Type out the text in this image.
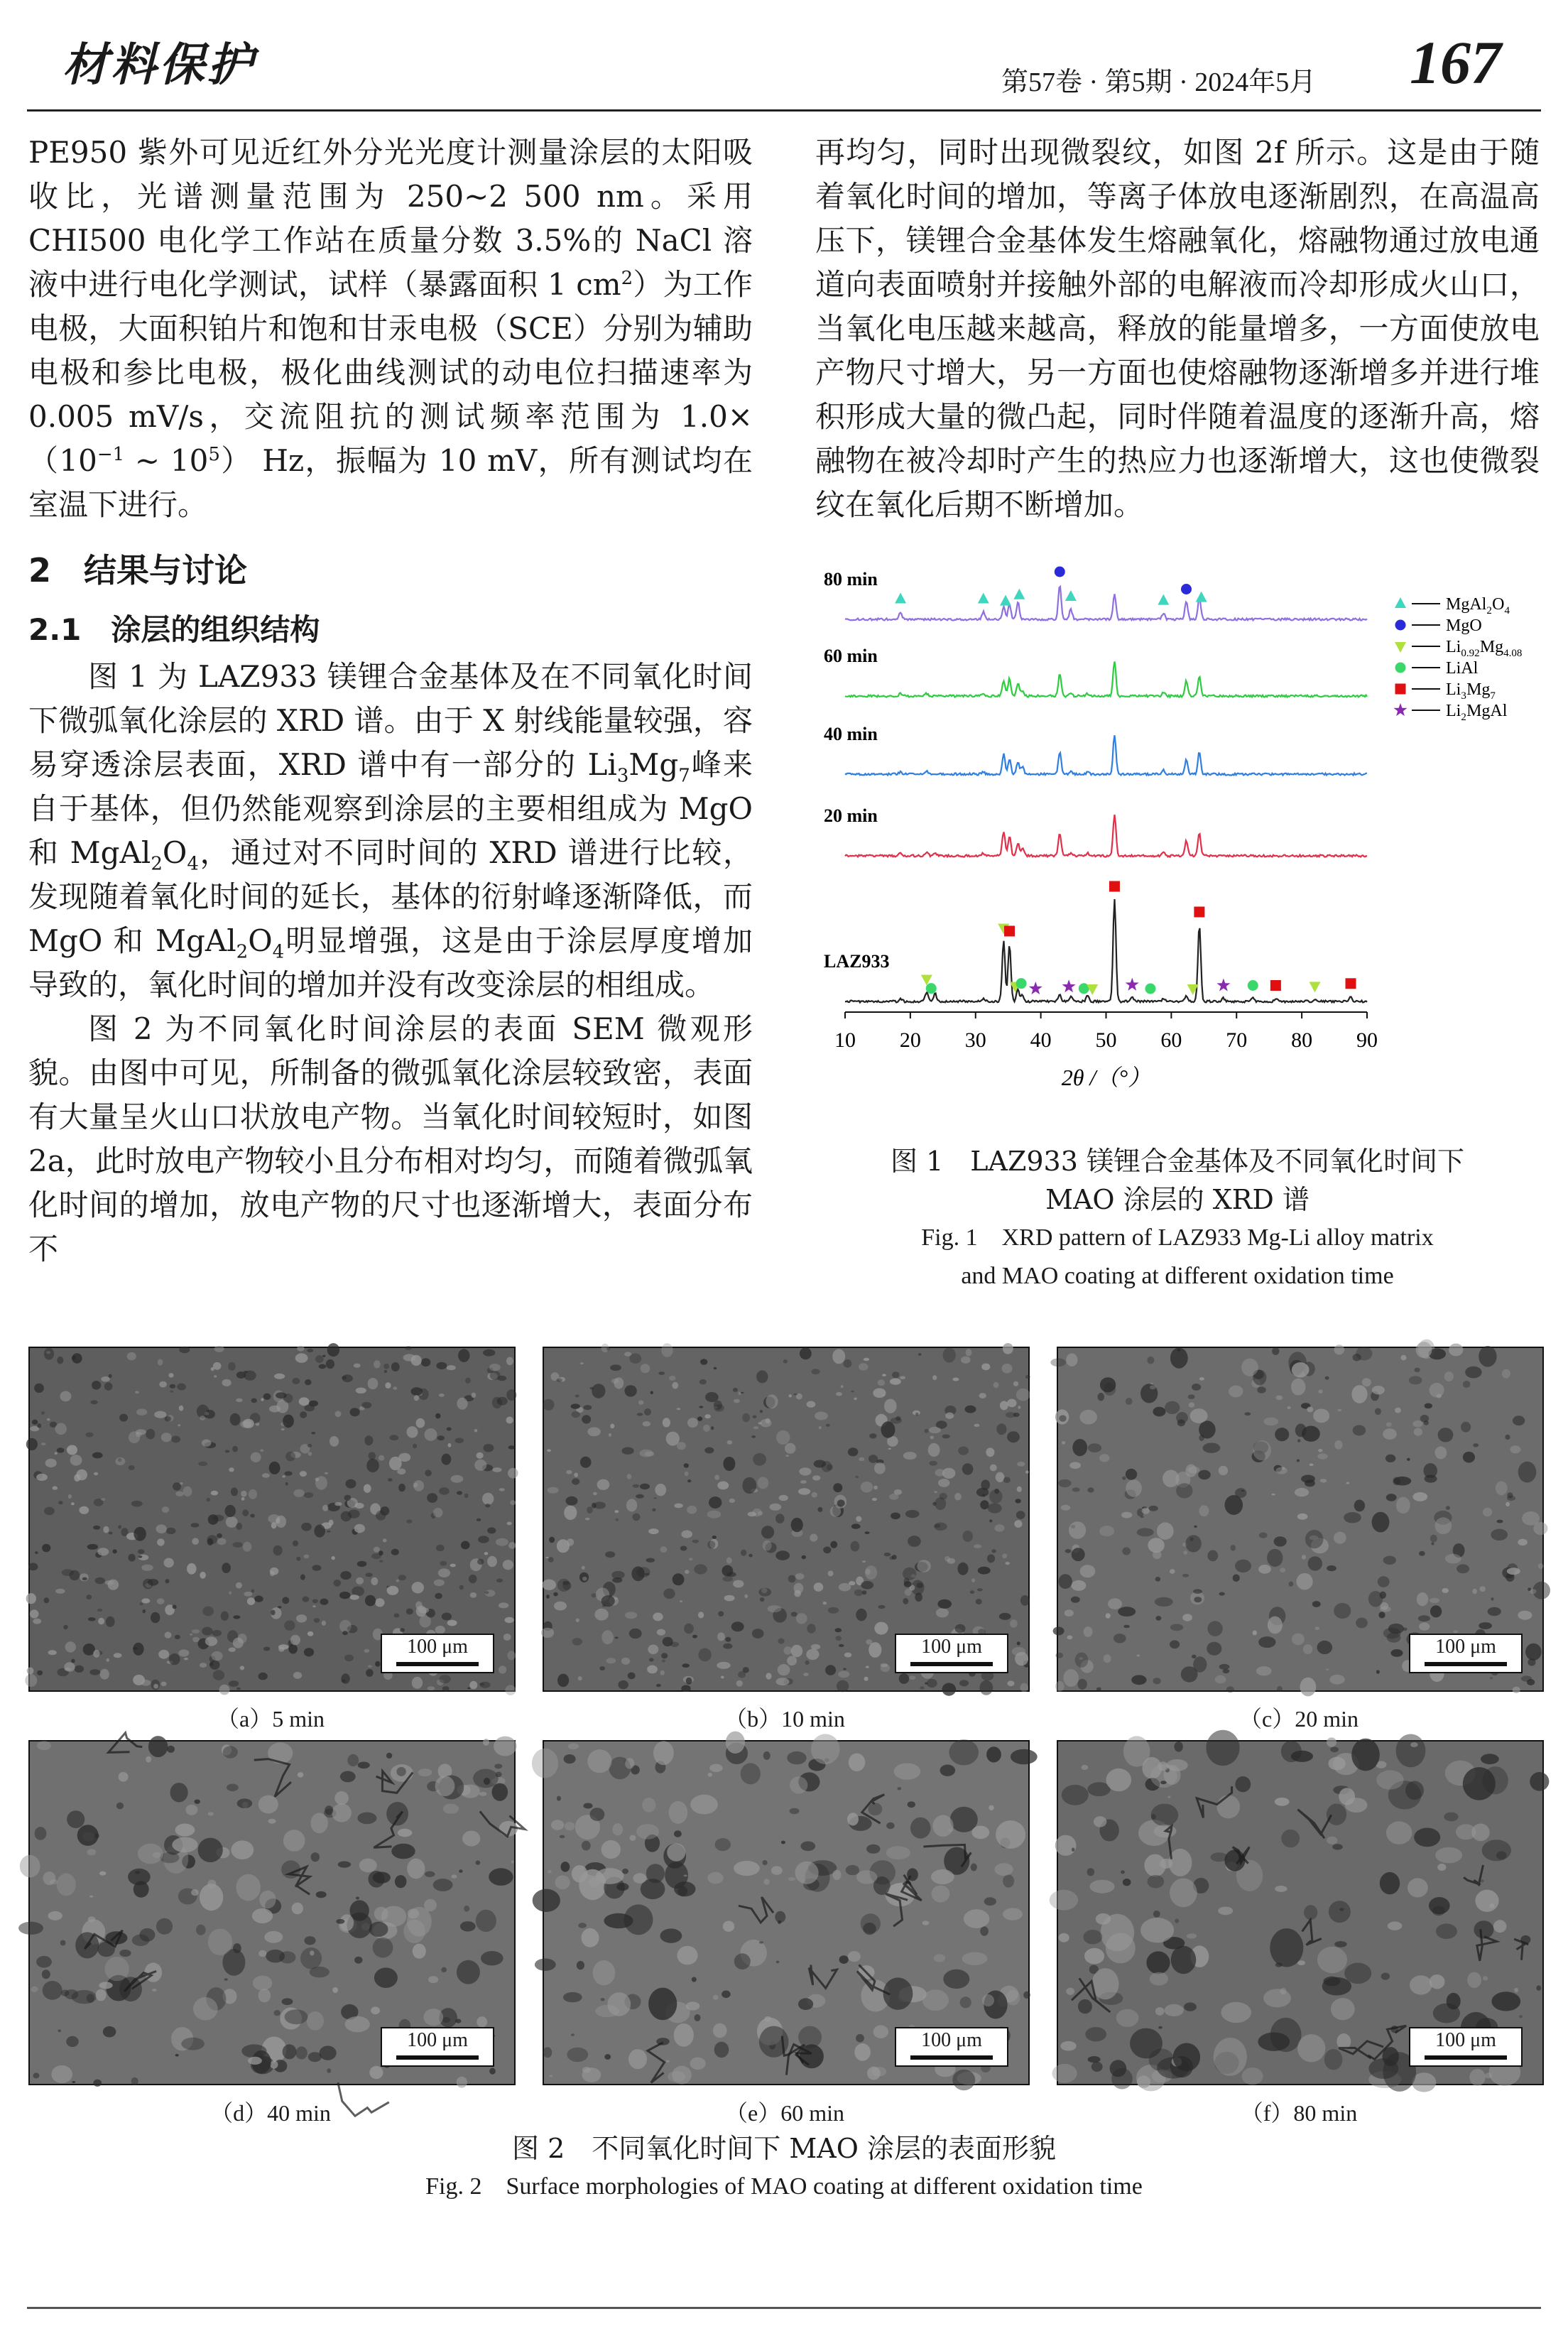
材料保护	第57卷 · 第5期 · 2024年5月 167

PE950 紫外可见近红外分光光度计测量涂层的太阳吸收比，光谱测量范围为 250~2 500 nm。采用 CHI500 电化学工作站在质量分数 3.5%的 NaCl 溶液中进行电化学测试，试样（暴露面积 1 $cm^2$）为工作电极，大面积铂片和饱和甘汞电极（SCE）分别为辅助电极和参比电极，极化曲线测试的动电位扫描速率为 0.005 mV/s，交流阻抗的测试频率范围为 $1.0\times(10^{-1}$ ~ $10^5$） Hz，振幅为 10 mV，所有测试均在室温下进行。

2　结果与讨论

2.1　涂层的组织结构

图 1 为 LAZ933 镁锂合金基体及在不同氧化时间下微弧氧化涂层的 XRD 谱。由于 X 射线能量较强，容易穿透涂层表面，XRD 谱中有一部分的 $Li_3Mg_7$峰来自于基体，但仍然能观察到涂层的主要相组成为 MgO 和 $MgAl_2O_4$，通过对不同时间的 XRD 谱进行比较，发现随着氧化时间的延长，基体的衍射峰逐渐降低，而 MgO 和 $MgAl_2O_4$明显增强，这是由于涂层厚度增加导致的，氧化时间的增加并没有改变涂层的相组成。

图 2 为不同氧化时间涂层的表面 SEM 微观形貌。由图中可见，所制备的微弧氧化涂层较致密，表面有大量呈火山口状放电产物。当氧化时间较短时，如图 2a，此时放电产物较小且分布相对均匀，而随着微弧氧化时间的增加，放电产物的尺寸也逐渐增大，表面分布不

再均匀，同时出现微裂纹，如图 2f 所示。这是由于随着氧化时间的增加，等离子体放电逐渐剧烈，在高温高压下，镁锂合金基体发生熔融氧化，熔融物通过放电通道向表面喷射并接触外部的电解液而冷却形成火山口，当氧化电压越来越高，释放的能量增多，一方面使放电产物尺寸增大，另一方面也使熔融物逐渐增多并进行堆积形成大量的微凸起，同时伴随着温度的逐渐升高，熔融物在被冷却时产生的热应力也逐渐增大，这也使微裂纹在氧化后期不断增加。

80 min
60 min
40 min
20 min
LAZ933
10 20 30 40 50 60 70 80 90
MgAl$_2$ $O_4$
MgO
$Li_{0.92}$ $Mg_{4.08}$
LiAl
$Li_3$ $Mg_7$
$Li_2$ MgAl
2θ /（°）
图 1　LAZ933 镁锂合金基体及不同氧化时间下
MAO 涂层的 XRD 谱
Fig. 1　XRD pattern of LAZ933 Mg-Li alloy matrix
and MAO coating at different oxidation time
100 μm
（a）5 min
100 μm
（b）10 min
100 μm
（c）20 min
100 μm
（d）40 min
100 μm
（e）60 min
100 μm
（f）80 min
图 2　不同氧化时间下 MAO 涂层的表面形貌
Fig. 2　Surface morphologies of MAO coating at different oxidation time
